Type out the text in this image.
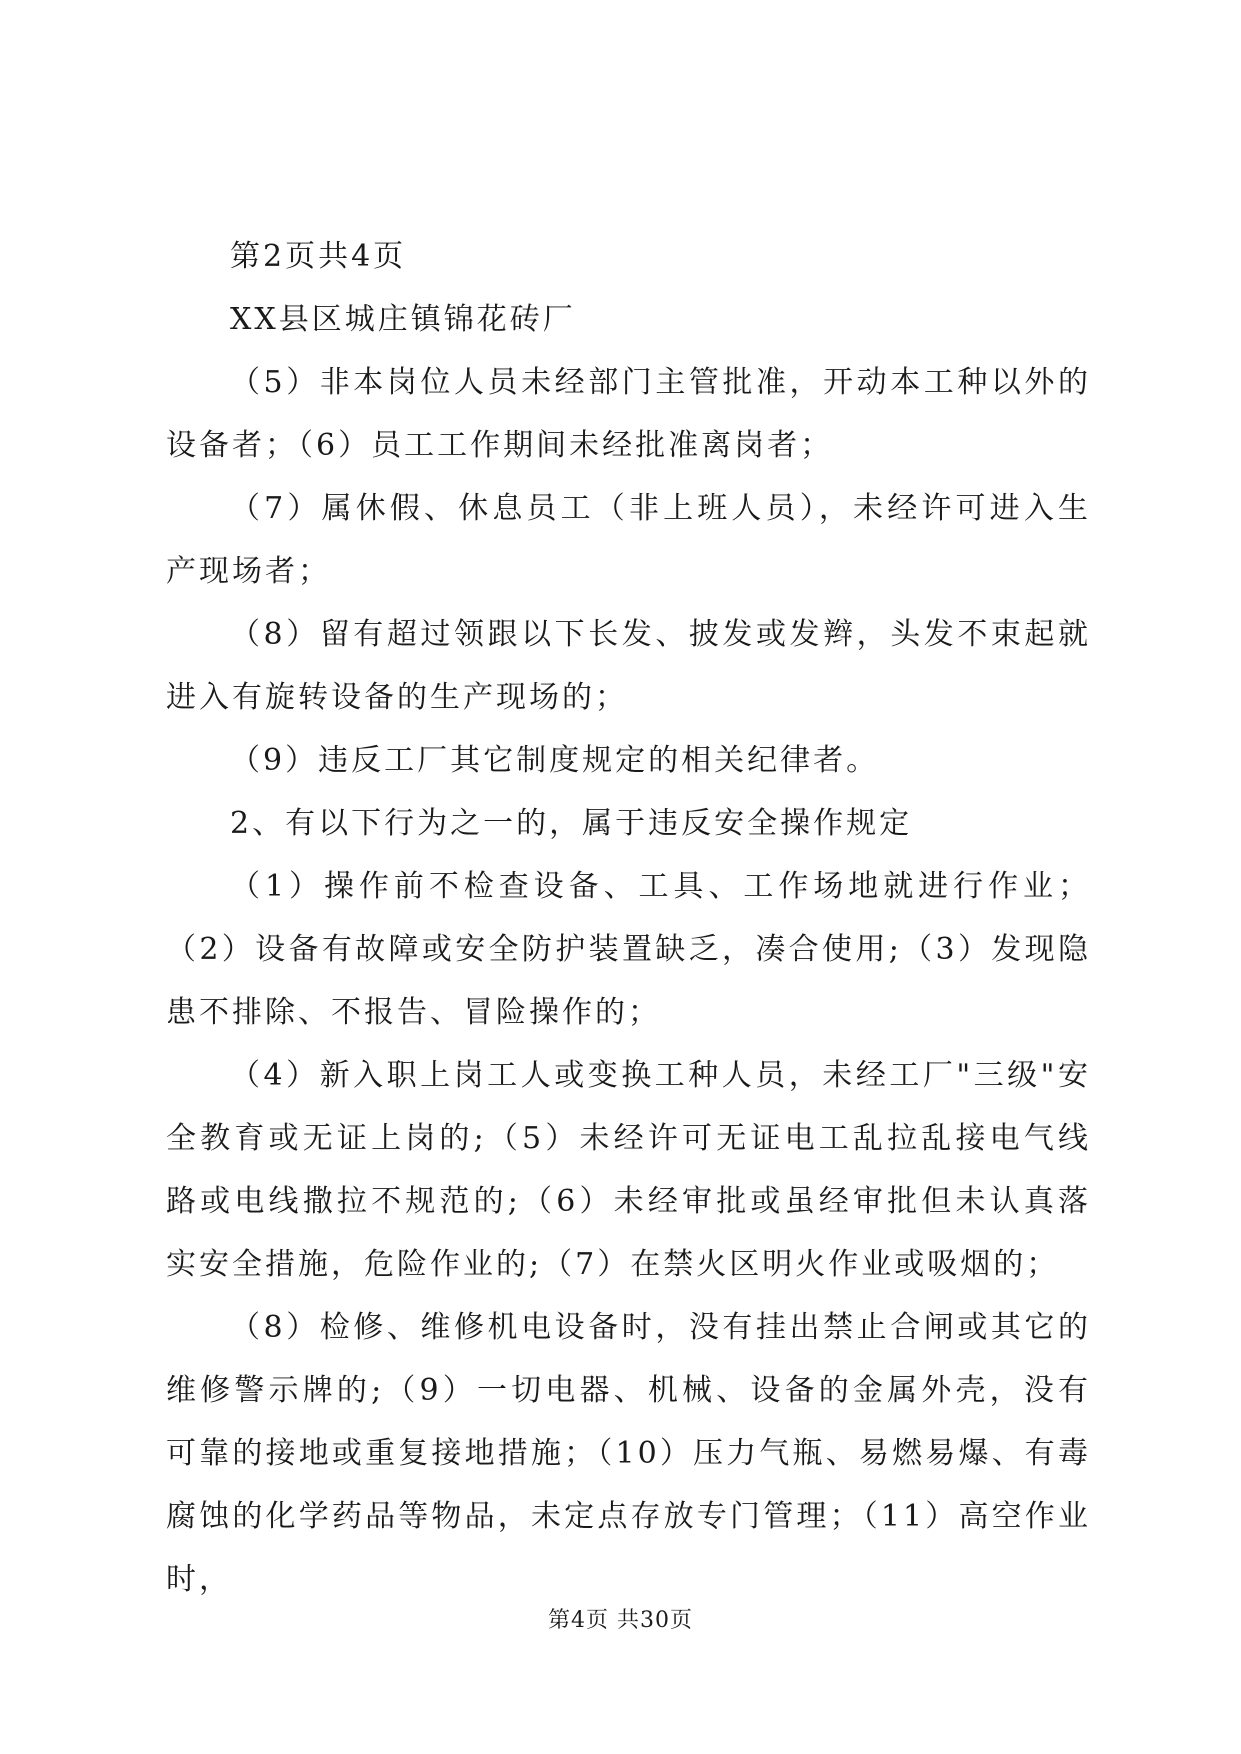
第2页共4页

XX县区城庄镇锦花砖厂

（5）非本岗位人员未经部门主管批准，开动本工种以外的设备者；（6）员工工作期间未经批准离岗者；

（7）属休假、休息员工（非上班人员），未经许可进入生产现场者；

（8）留有超过领跟以下长发、披发或发辫，头发不束起就进入有旋转设备的生产现场的；

（9）违反工厂其它制度规定的相关纪律者。

2、有以下行为之一的，属于违反安全操作规定

（1）操作前不检查设备、工具、工作场地就进行作业；（2）设备有故障或安全防护装置缺乏，凑合使用;（3）发现隐患不排除、不报告、冒险操作的；

（4）新入职上岗工人或变换工种人员，未经工厂"三级"安全教育或无证上岗的;（5）未经许可无证电工乱拉乱接电气线路或电线撒拉不规范的;（6）未经审批或虽经审批但未认真落实安全措施，危险作业的;（7）在禁火区明火作业或吸烟的；

（8）检修、维修机电设备时，没有挂出禁止合闸或其它的维修警示牌的;（9）一切电器、机械、设备的金属外壳，没有可靠的接地或重复接地措施；（10）压力气瓶、易燃易爆、有毒腐蚀的化学药品等物品，未定点存放专门管理；（11）高空作业时，

第4页 共30页
